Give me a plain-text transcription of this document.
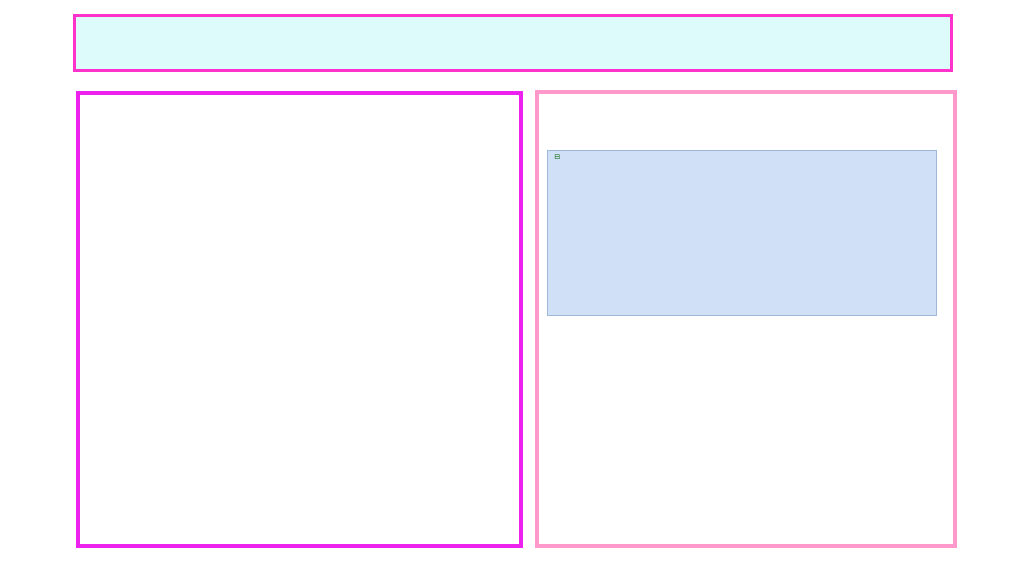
⊟
